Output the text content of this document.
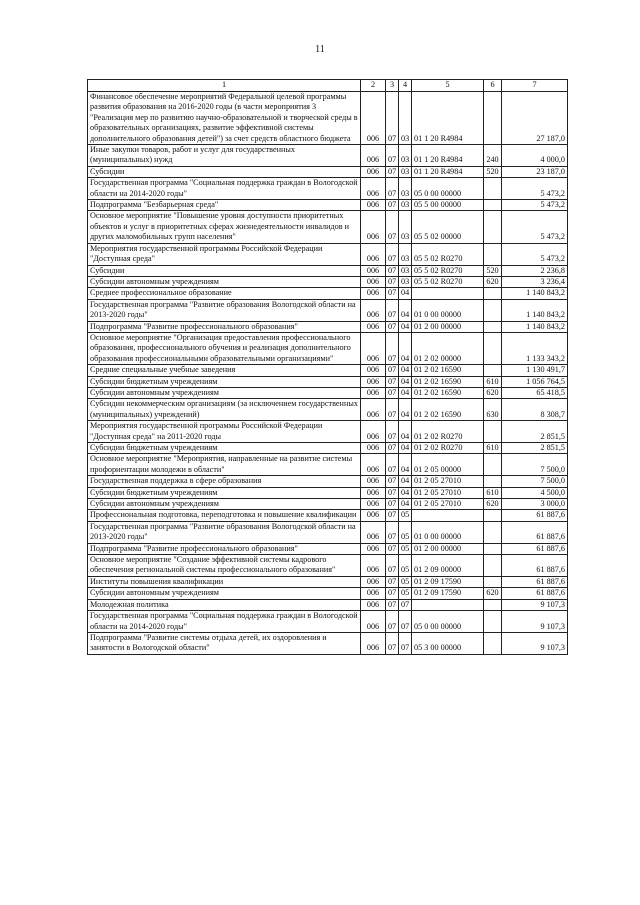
11
1	2	3	4	5	6	7
Финансовое обеспечение мероприятий Федеральной целевой программы развития образования на 2016-2020 годы (в части мероприятия 3 "Реализация мер по развитию научно-образовательной и творческой среды в образовательных организациях, развитие эффективной системы дополнительного образования детей") за счет средств областного бюджета	006	07	03	01 1 20 R4984		27 187,0
Иные закупки товаров, работ и услуг для государственных (муниципальных) нужд	006	07	03	01 1 20 R4984	240	4 000,0
Субсидии	006	07	03	01 1 20 R4984	520	23 187,0
Государственная программа "Социальная поддержка граждан в Вологодской области на 2014-2020 годы"	006	07	03	05 0 00 00000		5 473,2
Подпрограмма "Безбарьерная среда"	006	07	03	05 5 00 00000		5 473,2
Основное мероприятие "Повышение уровня доступности приоритетных объектов и услуг в приоритетных сферах жизнедеятельности инвалидов и других маломобильных групп населения"	006	07	03	05 5 02 00000		5 473,2
Мероприятия государственной программы Российской Федерации "Доступная среда"	006	07	03	05 5 02 R0270		5 473,2
Субсидии	006	07	03	05 5 02 R0270	520	2 236,8
Субсидии автономным учреждениям	006	07	03	05 5 02 R0270	620	3 236,4
Среднее профессиональное образование	006	07	04			1 140 843,2
Государственная программа "Развитие образования Вологодской области на 2013-2020 годы"	006	07	04	01 0 00 00000		1 140 843,2
Подпрограмма "Развитие профессионального образования"	006	07	04	01 2 00 00000		1 140 843,2
Основное мероприятие "Организация предоставления профессионального образования, профессионального обучения и реализация дополнительного образования профессиональными образовательными организациями"	006	07	04	01 2 02 00000		1 133 343,2
Средние специальные учебные заведения	006	07	04	01 2 02 16590		1 130 491,7
Субсидии бюджетным учреждениям	006	07	04	01 2 02 16590	610	1 056 764,5
Субсидии автономным учреждениям	006	07	04	01 2 02 16590	620	65 418,5
Субсидии некоммерческим организациям (за исключением государственных (муниципальных) учреждений)	006	07	04	01 2 02 16590	630	8 308,7
Мероприятия государственной программы Российской Федерации "Доступная среда" на 2011-2020 годы	006	07	04	01 2 02 R0270		2 851,5
Субсидии бюджетным учреждениям	006	07	04	01 2 02 R0270	610	2 851,5
Основное мероприятие "Мероприятия, направленные на развитие системы профориентации молодежи в области"	006	07	04	01 2 05 00000		7 500,0
Государственная поддержка в сфере образования	006	07	04	01 2 05 27010		7 500,0
Субсидии бюджетным учреждениям	006	07	04	01 2 05 27010	610	4 500,0
Субсидии автономным учреждениям	006	07	04	01 2 05 27010	620	3 000,0
Профессиональная подготовка, переподготовка и повышение квалификации	006	07	05			61 887,6
Государственная программа "Развитие образования Вологодской области на 2013-2020 годы"	006	07	05	01 0 00 00000		61 887,6
Подпрограмма "Развитие профессионального образования"	006	07	05	01 2 00 00000		61 887,6
Основное мероприятие "Создание эффективной системы кадрового обеспечения региональной системы профессионального образования"	006	07	05	01 2 09 00000		61 887,6
Институты повышения квалификации	006	07	05	01 2 09 17590		61 887,6
Субсидии автономным учреждениям	006	07	05	01 2 09 17590	620	61 887,6
Молодежная политика	006	07	07			9 107,3
Государственная программа "Социальная поддержка граждан в Вологодской области на 2014-2020 годы"	006	07	07	05 0 00 00000		9 107,3
Подпрограмма "Развитие системы отдыха детей, их оздоровления и занятости в Вологодской области"	006	07	07	05 3 00 00000		9 107,3
